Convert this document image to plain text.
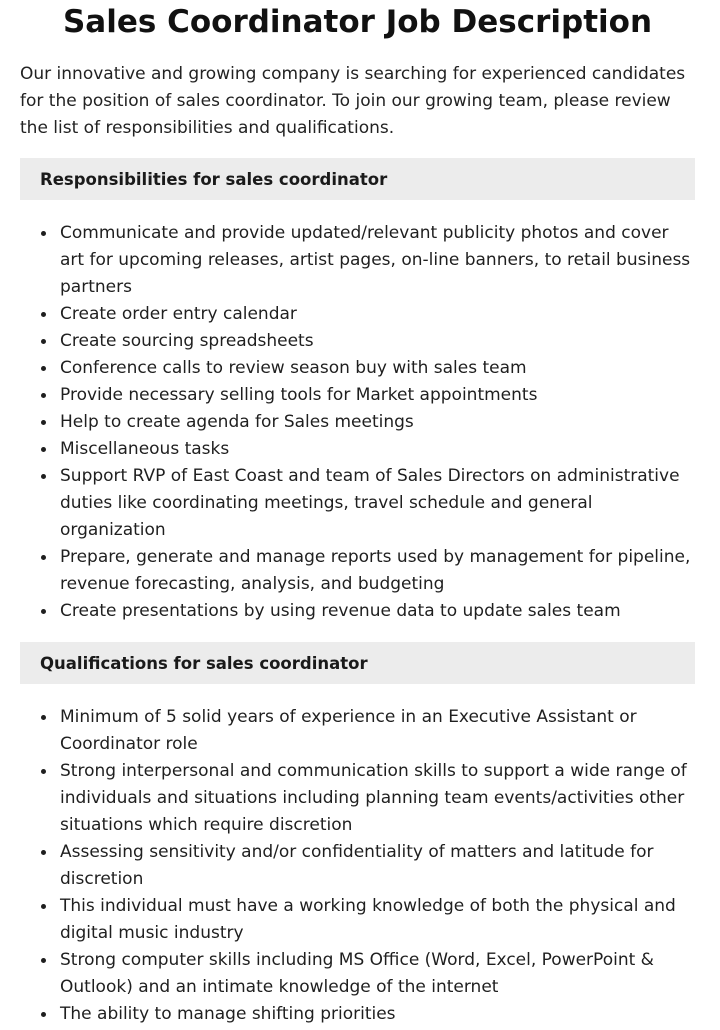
Sales Coordinator Job Description

Our innovative and growing company is searching for experienced candidates for the position of sales coordinator. To join our growing team, please review the list of responsibilities and qualifications.

Responsibilities for sales coordinator
Communicate and provide updated/relevant publicity photos and cover art for upcoming releases, artist pages, on-line banners, to retail business partners
Create order entry calendar
Create sourcing spreadsheets
Conference calls to review season buy with sales team
Provide necessary selling tools for Market appointments
Help to create agenda for Sales meetings
Miscellaneous tasks
Support RVP of East Coast and team of Sales Directors on administrative duties like coordinating meetings, travel schedule and general organization
Prepare, generate and manage reports used by management for pipeline, revenue forecasting, analysis, and budgeting
Create presentations by using revenue data to update sales team
Qualifications for sales coordinator
Minimum of 5 solid years of experience in an Executive Assistant or Coordinator role
Strong interpersonal and communication skills to support a wide range of individuals and situations including planning team events/activities other situations which require discretion
Assessing sensitivity and/or confidentiality of matters and latitude for discretion
This individual must have a working knowledge of both the physical and digital music industry
Strong computer skills including MS Office (Word, Excel, PowerPoint & Outlook) and an intimate knowledge of the internet
The ability to manage shifting priorities
